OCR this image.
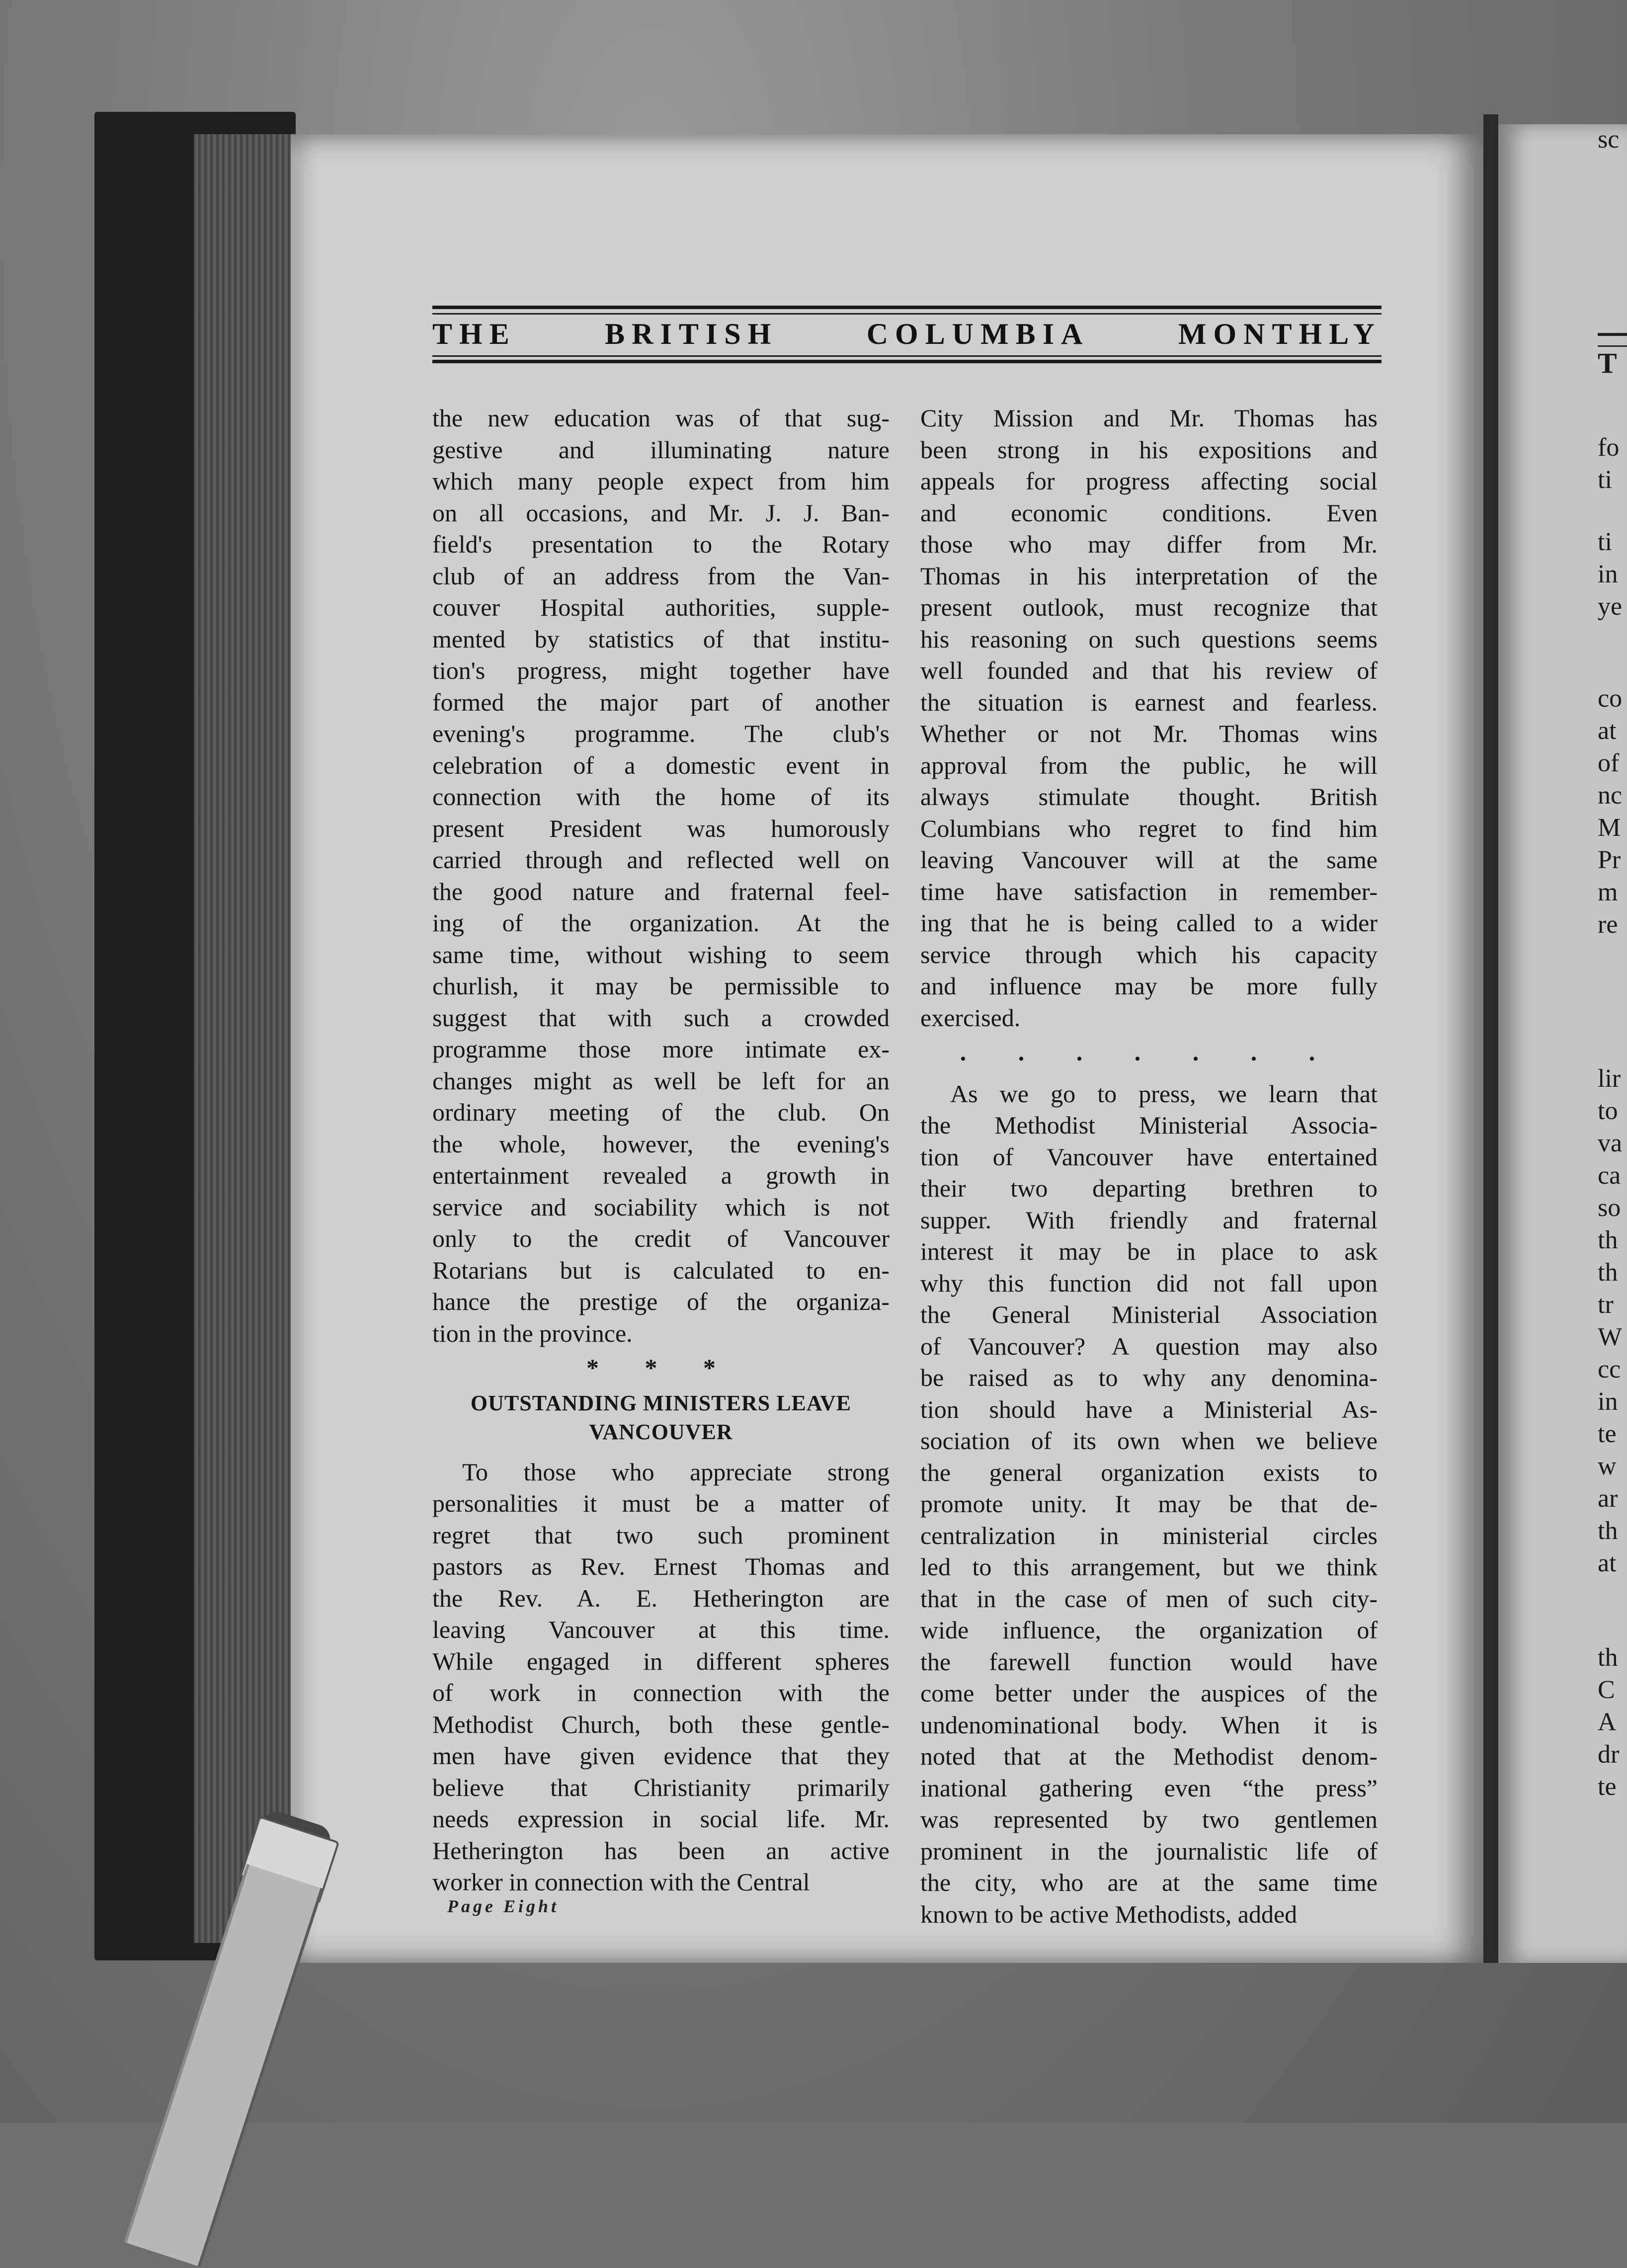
T
fo
ti
ti
in
ye
co
at
of
nc
M
Pr
m
re
lir
to
va
ca
so
th
th
tr
W
cc
in
te
w
ar
th
at
th
C
A
dr
te
sc
THE	BRITISH	COLUMBIA	MONTHLY
the new education was of that sug-
gestive and illuminating nature
which many people expect from him
on all occasions, and Mr. J. J. Ban-
field's presentation to the Rotary
club of an address from the Van-
couver Hospital authorities, supple-
mented by statistics of that institu-
tion's progress, might together have
formed the major part of another
evening's programme. The club's
celebration of a domestic event in
connection with the home of its
present President was humorously
carried through and reflected well on
the good nature and fraternal feel-
ing of the organization. At the
same time, without wishing to seem
churlish, it may be permissible to
suggest that with such a crowded
programme those more intimate ex-
changes might as well be left for an
ordinary meeting of the club. On
the whole, however, the evening's
entertainment revealed a growth in
service and sociability which is not
only to the credit of Vancouver
Rotarians but is calculated to en-
hance the prestige of the organiza-
tion in the province.
* * *
OUTSTANDING MINISTERS LEAVE
VANCOUVER
To those who appreciate strong
personalities it must be a matter of
regret that two such prominent
pastors as Rev. Ernest Thomas and
the Rev. A. E. Hetherington are
leaving Vancouver at this time.
While engaged in different spheres
of work in connection with the
Methodist Church, both these gentle-
men have given evidence that they
believe that Christianity primarily
needs expression in social life. Mr.
Hetherington has been an active
worker in connection with the Central
City Mission and Mr. Thomas has
been strong in his expositions and
appeals for progress affecting social
and economic conditions. Even
those who may differ from Mr.
Thomas in his interpretation of the
present outlook, must recognize that
his reasoning on such questions seems
well founded and that his review of
the situation is earnest and fearless.
Whether or not Mr. Thomas wins
approval from the public, he will
always stimulate thought. British
Columbians who regret to find him
leaving Vancouver will at the same
time have satisfaction in remember-
ing that he is being called to a wider
service through which his capacity
and influence may be more fully
exercised.
. . . . . . .
As we go to press, we learn that
the Methodist Ministerial Associa-
tion of Vancouver have entertained
their two departing brethren to
supper. With friendly and fraternal
interest it may be in place to ask
why this function did not fall upon
the General Ministerial Association
of Vancouver? A question may also
be raised as to why any denomina-
tion should have a Ministerial As-
sociation of its own when we believe
the general organization exists to
promote unity. It may be that de-
centralization in ministerial circles
led to this arrangement, but we think
that in the case of men of such city-
wide influence, the organization of
the farewell function would have
come better under the auspices of the
undenominational body. When it is
noted that at the Methodist denom-
inational gathering even “the press”
was represented by two gentlemen
prominent in the journalistic life of
the city, who are at the same time
known to be active Methodists, added
Page Eight
